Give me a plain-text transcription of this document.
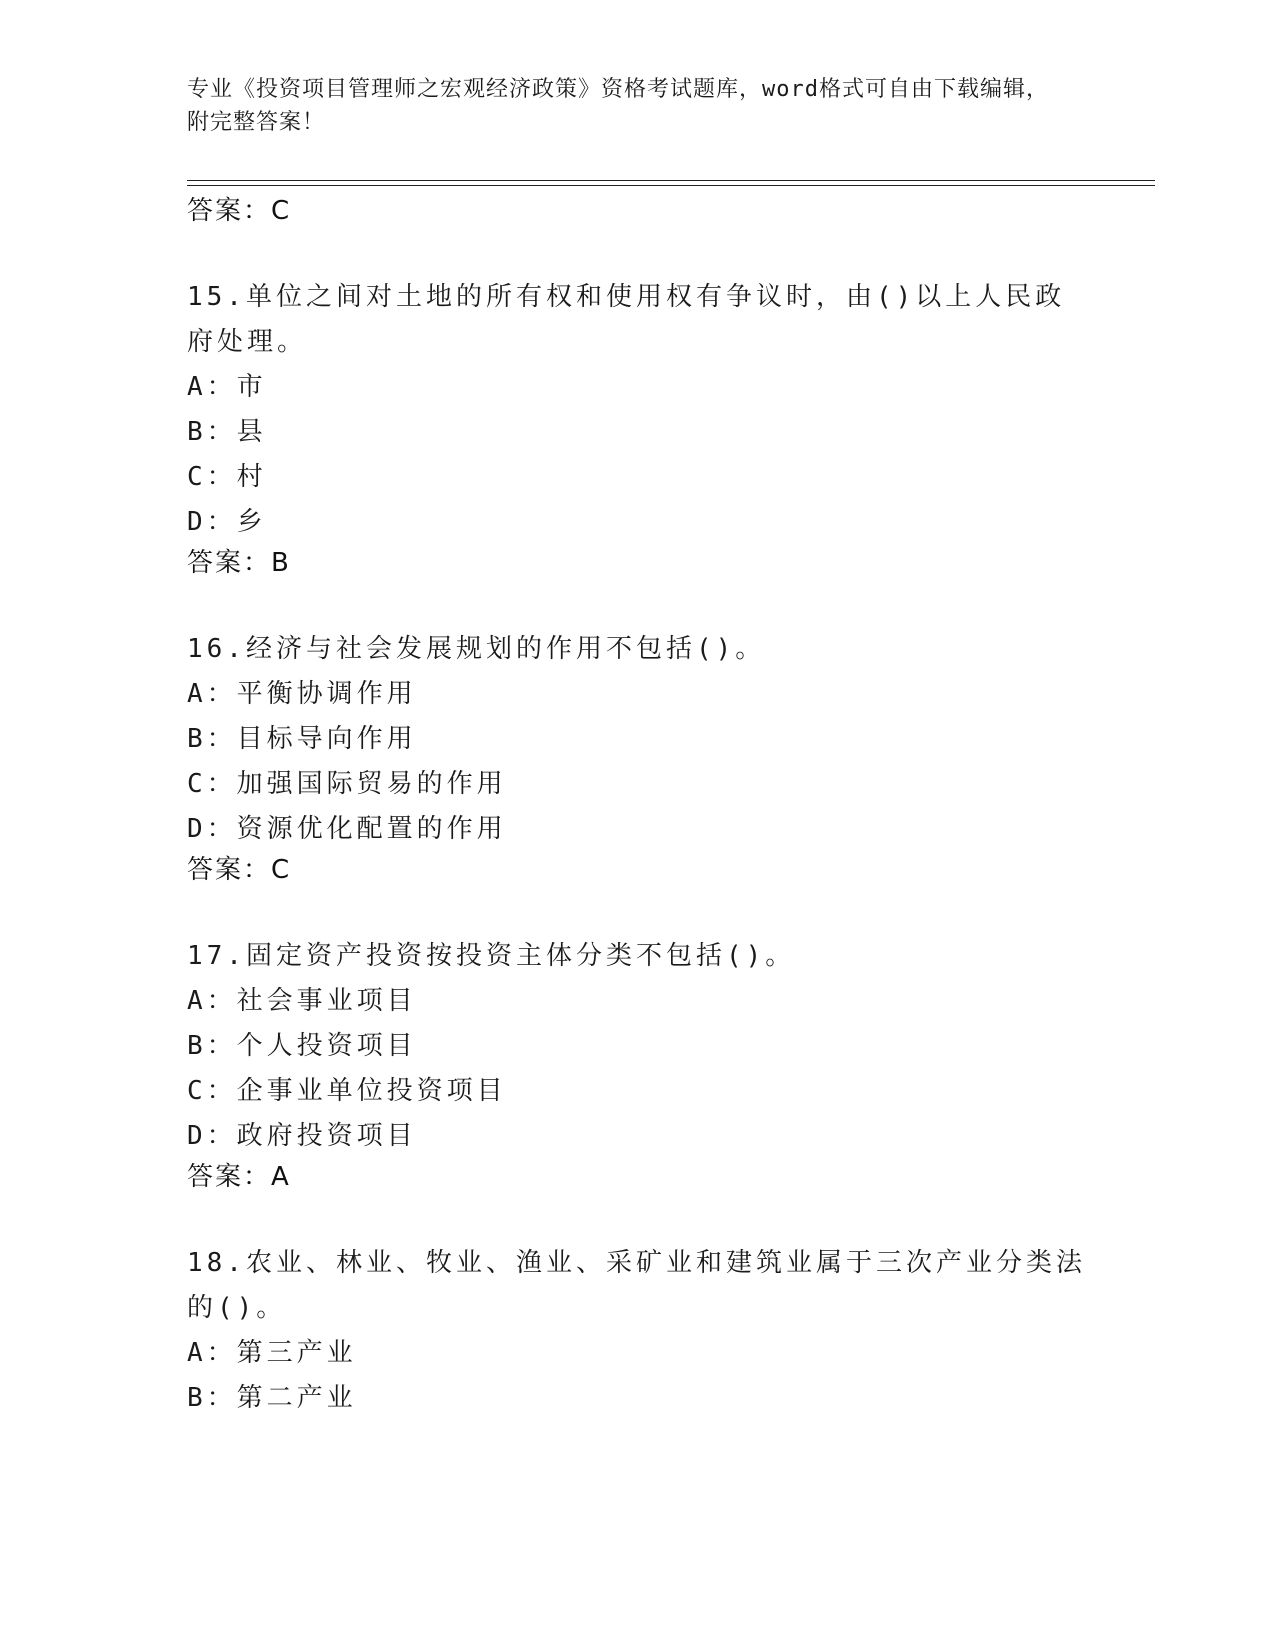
专业《投资项目管理师之宏观经济政策》资格考试题库，word格式可自由下载编辑，附完整答案！
答案：C
15.单位之间对土地的所有权和使用权有争议时，由()以上人民政府处理。
A：市
B：县
C：村
D：乡
答案：B
16.经济与社会发展规划的作用不包括()。
A：平衡协调作用
B：目标导向作用
C：加强国际贸易的作用
D：资源优化配置的作用
答案：C
17.固定资产投资按投资主体分类不包括()。
A：社会事业项目
B：个人投资项目
C：企事业单位投资项目
D：政府投资项目
答案：A
18.农业、林业、牧业、渔业、采矿业和建筑业属于三次产业分类法的()。
A：第三产业
B：第二产业
